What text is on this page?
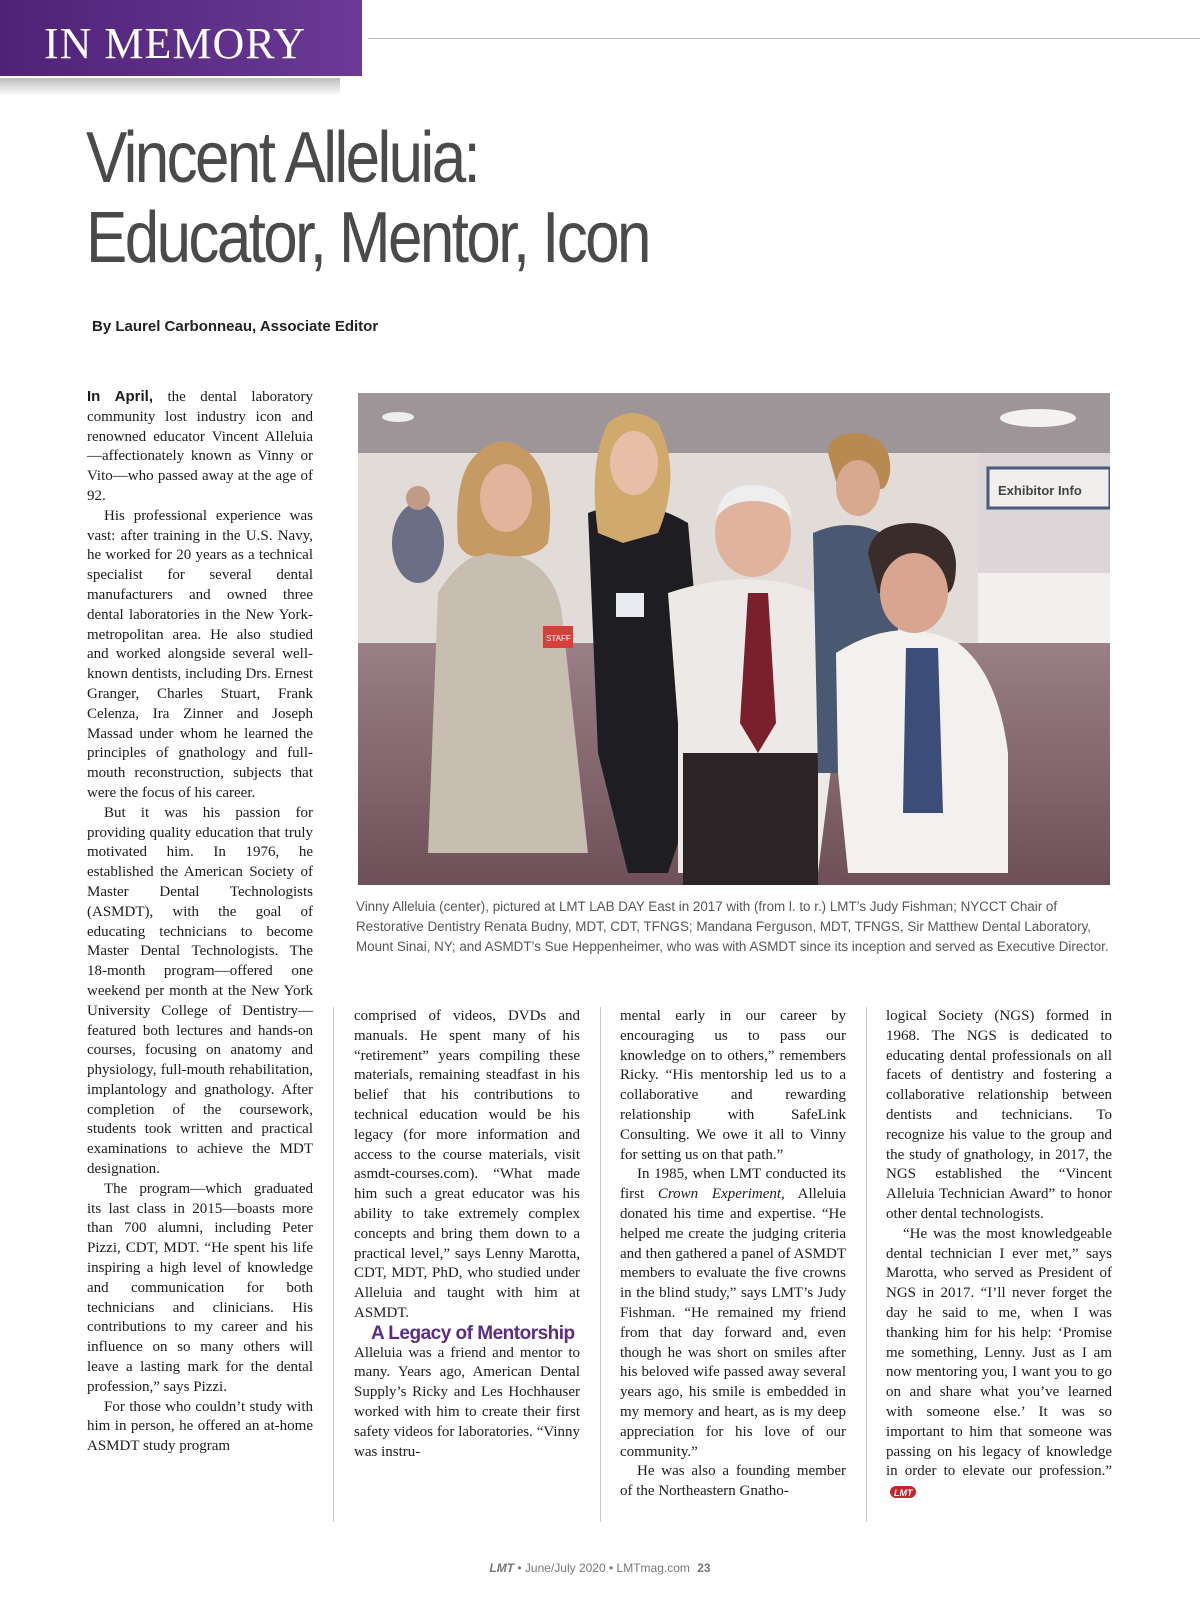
IN MEMORY
Vincent Alleluia:
Educator, Mentor, Icon
By Laurel Carbonneau, Associate Editor

In April, the dental laboratory community lost industry icon and renowned educator Vincent Alleluia—affectionately known as Vinny or Vito—who passed away at the age of 92.

His professional experience was vast: after training in the U.S. Navy, he worked for 20 years as a technical specialist for several dental manufacturers and owned three dental laboratories in the New York-metropolitan area. He also studied and worked alongside several well-known dentists, including Drs. Ernest Granger, Charles Stuart, Frank Celenza, Ira Zinner and Joseph Massad under whom he learned the principles of gnathology and full-mouth reconstruction, subjects that were the focus of his career.

But it was his passion for providing quality education that truly motivated him. In 1976, he established the American Society of Master Dental Technologists (ASMDT), with the goal of educating technicians to become Master Dental Technologists. The 18-month program—offered one weekend per month at the New York University College of Dentistry—featured both lectures and hands-on courses, focusing on anatomy and physiology, full-mouth rehabilitation, implantology and gnathology. After completion of the coursework, students took written and practical examinations to achieve the MDT designation.

The program—which graduated its last class in 2015—boasts more than 700 alumni, including Peter Pizzi, CDT, MDT. “He spent his life inspiring a high level of knowledge and communication for both technicians and clinicians. His contributions to my career and his influence on so many others will leave a lasting mark for the dental profession,” says Pizzi.

For those who couldn’t study with him in person, he offered an at-home ASMDT study program

Exhibitor Info
STAFF
Vinny Alleluia (center), pictured at LMT LAB DAY East in 2017 with (from l. to r.) LMT’s Judy Fishman; NYCCT Chair of Restorative Dentistry Renata Budny, MDT, CDT, TFNGS; Mandana Ferguson, MDT, TFNGS, Sir Matthew Dental Laboratory, Mount Sinai, NY; and ASMDT’s Sue Heppenheimer, who was with ASMDT since its inception and served as Executive Director.

comprised of videos, DVDs and manuals. He spent many of his “retirement” years compiling these materials, remaining steadfast in his belief that his contributions to technical education would be his legacy (for more information and access to the course materials, visit asmdt-courses.com). “What made him such a great educator was his ability to take extremely complex concepts and bring them down to a practical level,” says Lenny Marotta, CDT, MDT, PhD, who studied under Alleluia and taught with him at ASMDT.

A Legacy of Mentorship

Alleluia was a friend and mentor to many. Years ago, American Dental Supply’s Ricky and Les Hochhauser worked with him to create their first safety videos for laboratories. “Vinny was instru-

mental early in our career by encouraging us to pass our knowledge on to others,” remembers Ricky. “His mentorship led us to a collaborative and rewarding relationship with SafeLink Consulting. We owe it all to Vinny for setting us on that path.”

In 1985, when LMT conducted its first Crown Experiment, Alleluia donated his time and expertise. “He helped me create the judging criteria and then gathered a panel of ASMDT members to evaluate the five crowns in the blind study,” says LMT’s Judy Fishman. “He remained my friend from that day forward and, even though he was short on smiles after his beloved wife passed away several years ago, his smile is embedded in my memory and heart, as is my deep appreciation for his love of our community.”

He was also a founding member of the Northeastern Gnatho-

logical Society (NGS) formed in 1968. The NGS is dedicated to educating dental professionals on all facets of dentistry and fostering a collaborative relationship between dentists and technicians. To recognize his value to the group and the study of gnathology, in 2017, the NGS established the “Vincent Alleluia Technician Award” to honor other dental technologists.

“He was the most knowledgeable dental technician I ever met,” says Marotta, who served as President of NGS in 2017. “I’ll never forget the day he said to me, when I was thanking him for his help: ‘Promise me something, Lenny. Just as I am now mentoring you, I want you to go on and share what you’ve learned with someone else.’ It was so important to him that someone was passing on his legacy of knowledge in order to elevate our profession.”
LMT

LMT • June/July 2020 • LMTmag.com 23
